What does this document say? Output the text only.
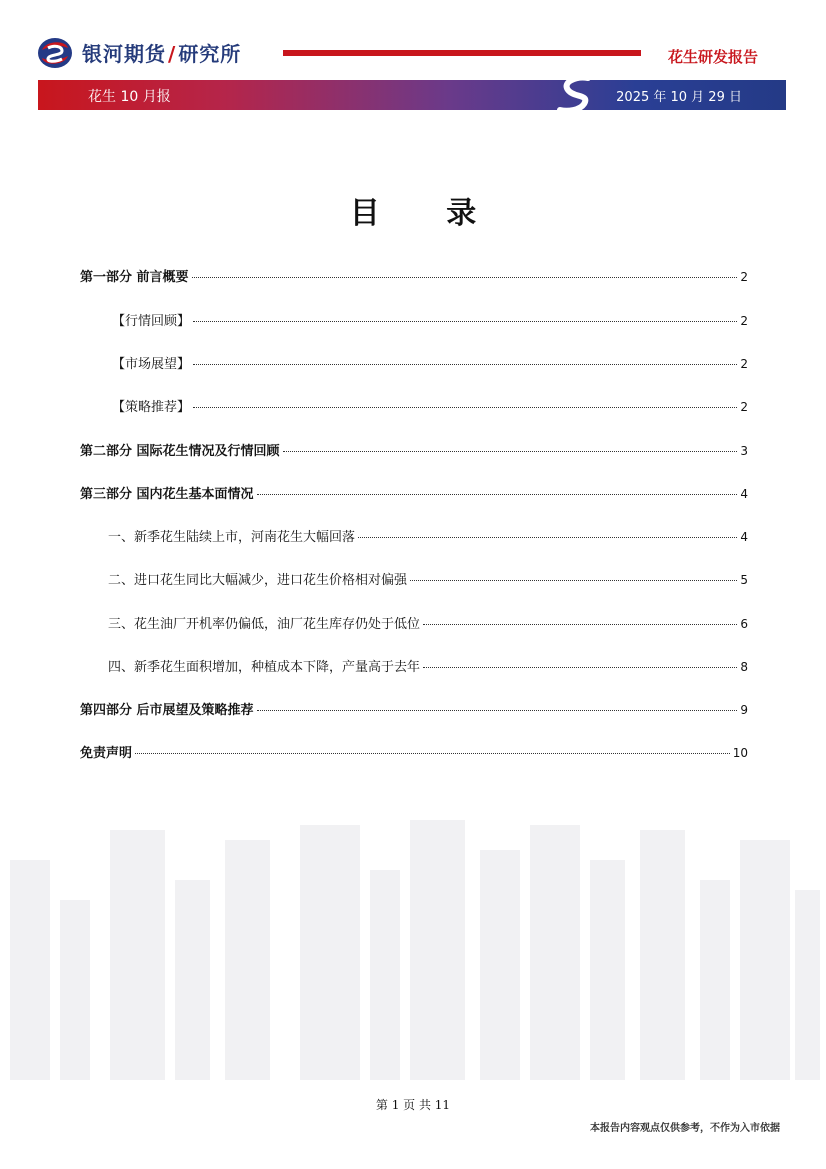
银河期货 / 研究所	花生研发报告
花生 10 月报	2025 年 10 月 29 日
目 录
第一部分 前言概要	2
【行情回顾】	2
【市场展望】	2
【策略推荐】	2
第二部分 国际花生情况及行情回顾	3
第三部分 国内花生基本面情况	4
一、新季花生陆续上市，河南花生大幅回落	4
二、进口花生同比大幅减少，进口花生价格相对偏强	5
三、花生油厂开机率仍偏低，油厂花生库存仍处于低位	6
四、新季花生面积增加，种植成本下降，产量高于去年	8
第四部分 后市展望及策略推荐	9
免责声明	10
第 1 页 共 11
本报告内容观点仅供参考，不作为入市依据
